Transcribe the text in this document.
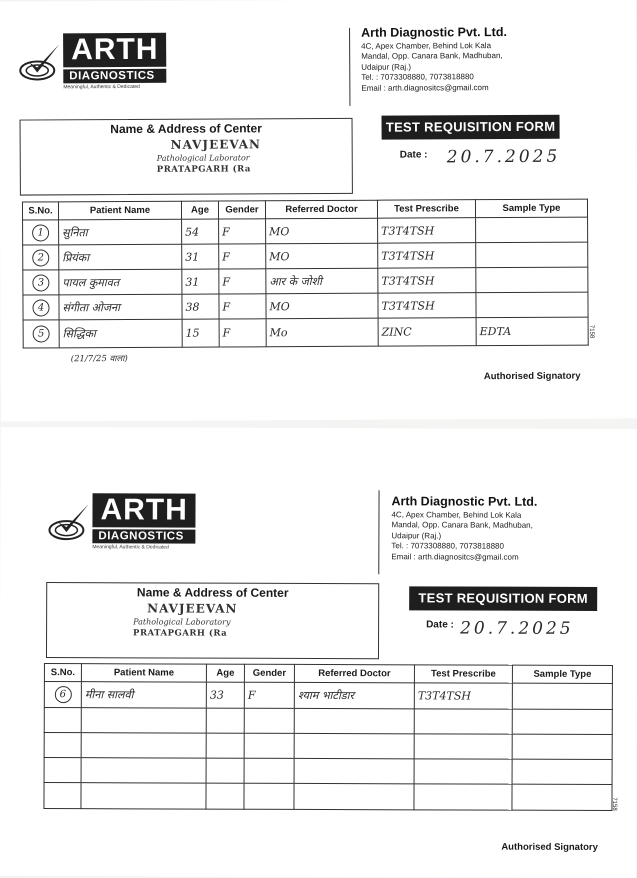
ARTH
DIAGNOSTICS
Meaningful, Authentic & Dedicated
Arth Diagnostic Pvt. Ltd.
4C, Apex Chamber, Behind Lok Kala
Mandal, Opp. Canara Bank, Madhuban,
Udaipur (Raj.)
Tel. : 7073308880, 7073818880
Email : arth.diagnositcs@gmail.com
Name & Address of Center
NAVJEEVAN
Pathological Laborator
PRATAPGARH (Ra
TEST REQUISITION FORM
Date : 20.7.2025
S.No.	Patient Name	Age	Gender	Referred Doctor	Test Prescribe	Sample Type
1	सुनिता	54	F	MO	T3T4TSH	
2	प्रियंका	31	F	MO	T3T4TSH	
3	पायल कुमावत	31	F	आर के जोशी	T3T4TSH	
4	संगीता ओजना	38	F	MO	T3T4TSH	
5	सिद्धिका	15	F	Mo	ZINC	EDTA
(21/7/25 वाला)
7158
Authorised Signatory
ARTH
DIAGNOSTICS
Meaningful, Authentic & Dedicated
Arth Diagnostic Pvt. Ltd.
4C, Apex Chamber, Behind Lok Kala
Mandal, Opp. Canara Bank, Madhuban,
Udaipur (Raj.)
Tel. : 7073308880, 7073818880
Email : arth.diagnositcs@gmail.com
Name & Address of Center
NAVJEEVAN
Pathological Laboratory
PRATAPGARH (Ra
TEST REQUISITION FORM
Date : 20.7.2025
S.No.	Patient Name	Age	Gender	Referred Doctor	Test Prescribe	Sample Type
6	मीना सालवी	33	F	श्याम भाटीडार	T3T4TSH	

7158
Authorised Signatory
